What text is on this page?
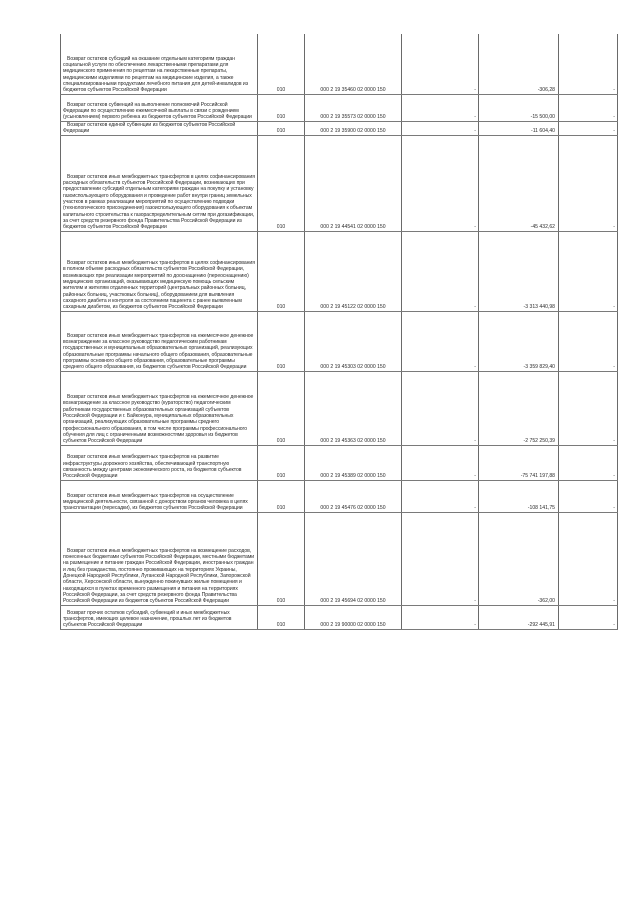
Возврат остатков субсидий на оказание отдельным категориям граждан социальной услуги по обеспечению лекарственными препаратами для медицинского применения по рецептам на лекарственные препараты, медицинскими изделиями по рецептам на медицинские изделия, а также специализированными продуктами лечебного питания для детей-инвалидов из бюджетов субъектов Российской Федерации	010	000 2 19 35460 02 0000 150	-	-306,28	-

Возврат остатков субвенций на выполнение полномочий Российской Федерации по осуществлению ежемесячной выплаты в связи с рождением (усыновлением) первого ребенка из бюджетов субъектов Российской Федерации	010	000 2 19 35573 02 0000 150	-	-15 500,00	-

Возврат остатков единой субвенции из бюджетов субъектов Российской Федерации	010	000 2 19 35900 02 0000 150	-	-11 604,40	-

Возврат остатков иных межбюджетных трансфертов в целях софинансирования расходных обязательств субъектов Российской Федерации, возникающих при предоставлении субсидий отдельным категориям граждан на покупку и установку газоиспользующего оборудования и проведение работ внутри границ земельных участков в рамках реализации мероприятий по осуществлению подводки (технологического присоединения) газоиспользующего оборудования к объектам капитального строительства к газораспределительным сетям при догазификации, за счет средств резервного фонда Правительства Российской Федерации из бюджетов субъектов Российской Федерации	010	000 2 19 44541 02 0000 150	-	-45 432,62	-

Возврат остатков иных межбюджетных трансфертов в целях софинансирования в полном объеме расходных обязательств субъектов Российской Федерации, возникающих при реализации мероприятий по дооснащению (переоснащению) медицинских организаций, оказывающих медицинскую помощь сельским жителям и жителям отдаленных территорий (центральных районных больниц, районных больниц, участковых больниц), оборудованием для выявления сахарного диабета и контроля за состоянием пациента с ранее выявленным сахарным диабетом, из бюджетов субъектов Российской Федерации	010	000 2 19 45122 02 0000 150	-	-3 313 440,98	-

Возврат остатков иных межбюджетных трансфертов на ежемесячное денежное вознаграждение за классное руководство педагогическим работникам государственных и муниципальных образовательных организаций, реализующих образовательные программы начального общего образования, образовательные программы основного общего образования, образовательные программы среднего общего образования, из бюджетов субъектов Российской Федерации	010	000 2 19 45303 02 0000 150	-	-3 359 829,40	-

Возврат остатков иных межбюджетных трансфертов на ежемесячное денежное вознаграждение за классное руководство (кураторство) педагогическим работникам государственных образовательных организаций субъектов Российской Федерации и г. Байконура, муниципальных образовательных организаций, реализующих образовательные программы среднего профессионального образования, в том числе программы профессионального обучения для лиц с ограниченными возможностями здоровья из бюджетов субъектов Российской Федерации	010	000 2 19 45363 02 0000 150	-	-2 752 250,39	-

Возврат остатков иных межбюджетных трансфертов на развитие инфраструктуры дорожного хозяйства, обеспечивающей транспортную связанность между центрами экономического роста, из бюджетов субъектов Российской Федерации	010	000 2 19 45389 02 0000 150	-	-75 741 197,88	-

Возврат остатков иных межбюджетных трансфертов на осуществление медицинской деятельности, связанной с донорством органов человека в целях трансплантации (пересадки), из бюджетов субъектов Российской Федерации	010	000 2 19 45476 02 0000 150	-	-108 141,75	-

Возврат остатков иных межбюджетных трансфертов на возмещение расходов, понесенных бюджетами субъектов Российской Федерации, местными бюджетами на размещение и питание граждан Российской Федерации, иностранных граждан и лиц без гражданства, постоянно проживающих на территориях Украины, Донецкой Народной Республики, Луганской Народной Республики, Запорожской области, Херсонской области, вынужденно покинувших жилые помещения и находящихся в пунктах временного размещения и питания на территориях Российской Федерации, за счет средств резервного фонда Правительства Российской Федерации из бюджетов субъектов Российской Федерации	010	000 2 19 45694 02 0000 150	-	-362,00	-

Возврат прочих остатков субсидий, субвенций и иных межбюджетных трансфертов, имеющих целевое назначение, прошлых лет из бюджетов субъектов Российской Федерации	010	000 2 19 90000 02 0000 150	-	-292 445,91	-
